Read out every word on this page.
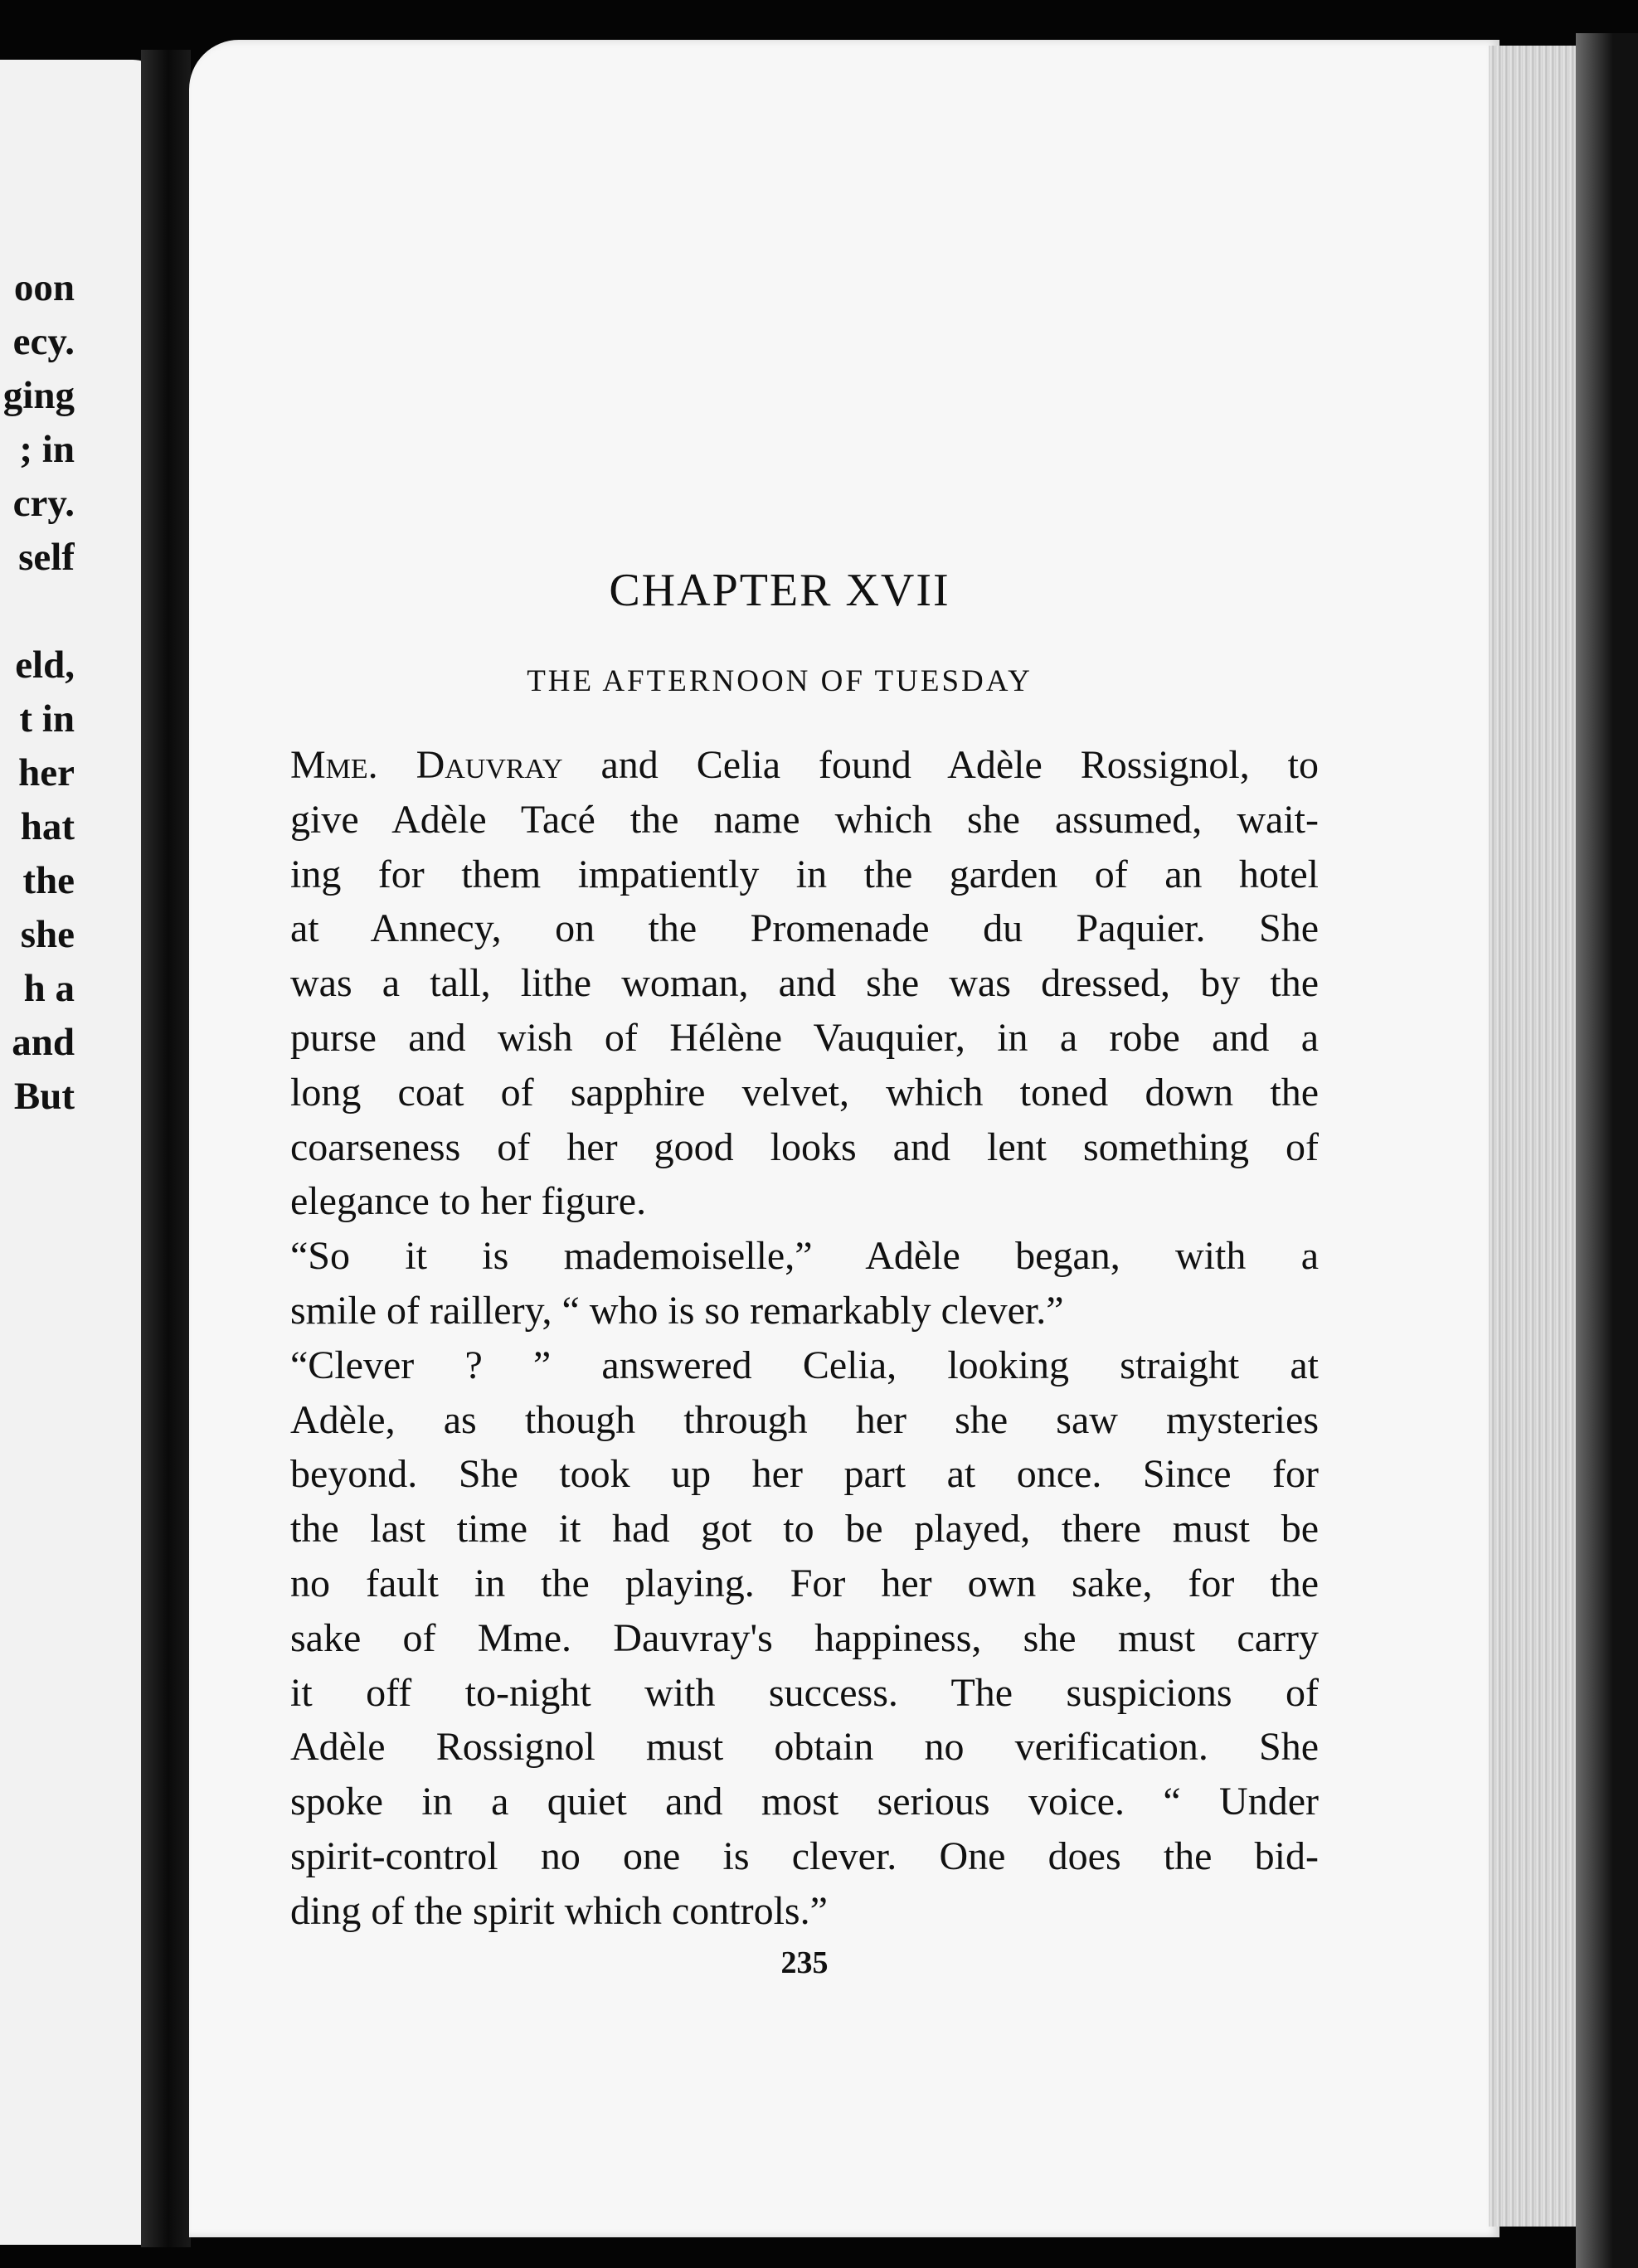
oon
ecy.
ging
; in
cry.
self
eld,
t in
her
hat
the
she
h a
and
But
CHAPTER XVII
THE AFTERNOON OF TUESDAY
Mme. Dauvray and Celia found Adèle Rossignol, to
give Adèle Tacé the name which she assumed, wait-
ing for them impatiently in the garden of an hotel
at Annecy, on the Promenade du Paquier. She
was a tall, lithe woman, and she was dressed, by the
purse and wish of Hélène Vauquier, in a robe and a
long coat of sapphire velvet, which toned down the
coarseness of her good looks and lent something of
elegance to her figure.
“So it is mademoiselle,” Adèle began, with a
smile of raillery, “ who is so remarkably clever.”
“Clever ? ” answered Celia, looking straight at
Adèle, as though through her she saw mysteries
beyond. She took up her part at once. Since for
the last time it had got to be played, there must be
no fault in the playing. For her own sake, for the
sake of Mme. Dauvray's happiness, she must carry
it off to-night with success. The suspicions of
Adèle Rossignol must obtain no verification. She
spoke in a quiet and most serious voice. “ Under
spirit-control no one is clever. One does the bid-
ding of the spirit which controls.”
235
